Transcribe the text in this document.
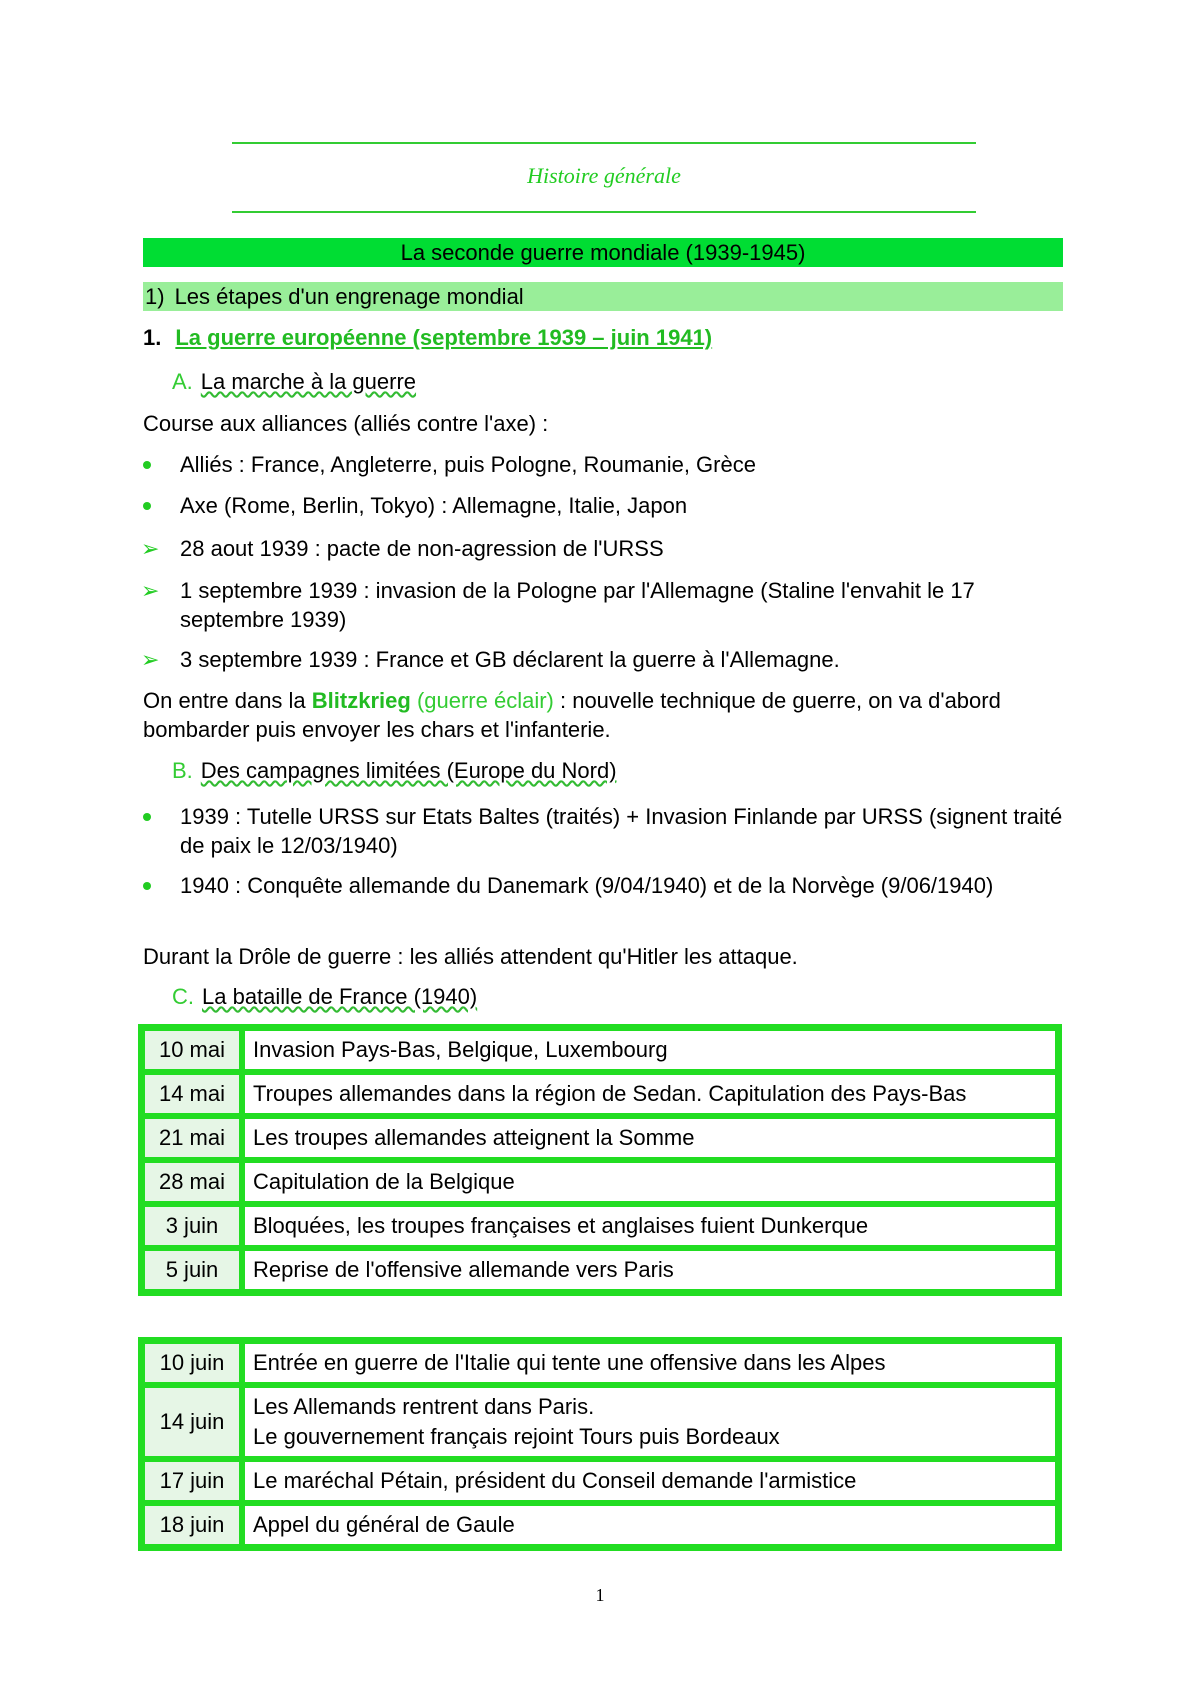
Histoire générale
La seconde guerre mondiale (1939-1945)
1) Les étapes d'un engrenage mondial
1. La guerre européenne (septembre 1939 – juin 1941)
A. La marche à la guerre
Course aux alliances (alliés contre l'axe) :
Alliés : France, Angleterre, puis Pologne, Roumanie, Grèce
Axe (Rome, Berlin, Tokyo) : Allemagne, Italie, Japon
➢ 28 aout 1939 : pacte de non-agression de l'URSS
➢ 1 septembre 1939 : invasion de la Pologne par l'Allemagne (Staline l'envahit le 17 septembre 1939)
➢ 3 septembre 1939 : France et GB déclarent la guerre à l'Allemagne.
On entre dans la Blitzkrieg (guerre éclair) : nouvelle technique de guerre, on va d'abord bombarder puis envoyer les chars et l'infanterie.
B. Des campagnes limitées (Europe du Nord)
1939 : Tutelle URSS sur Etats Baltes (traités) + Invasion Finlande par URSS (signent traité de paix le 12/03/1940)
1940 : Conquête allemande du Danemark (9/04/1940) et de la Norvège (9/06/1940)
Durant la Drôle de guerre : les alliés attendent qu'Hitler les attaque.
C. La bataille de France (1940)
10 mai	Invasion Pays-Bas, Belgique, Luxembourg
14 mai	Troupes allemandes dans la région de Sedan. Capitulation des Pays-Bas
21 mai	Les troupes allemandes atteignent la Somme
28 mai	Capitulation de la Belgique
3 juin	Bloquées, les troupes françaises et anglaises fuient Dunkerque
5 juin	Reprise de l'offensive allemande vers Paris
10 juin	Entrée en guerre de l'Italie qui tente une offensive dans les Alpes
14 juin	Les Allemands rentrent dans Paris.
Le gouvernement français rejoint Tours puis Bordeaux

17 juin	Le maréchal Pétain, président du Conseil demande l'armistice
18 juin	Appel du général de Gaule
1
